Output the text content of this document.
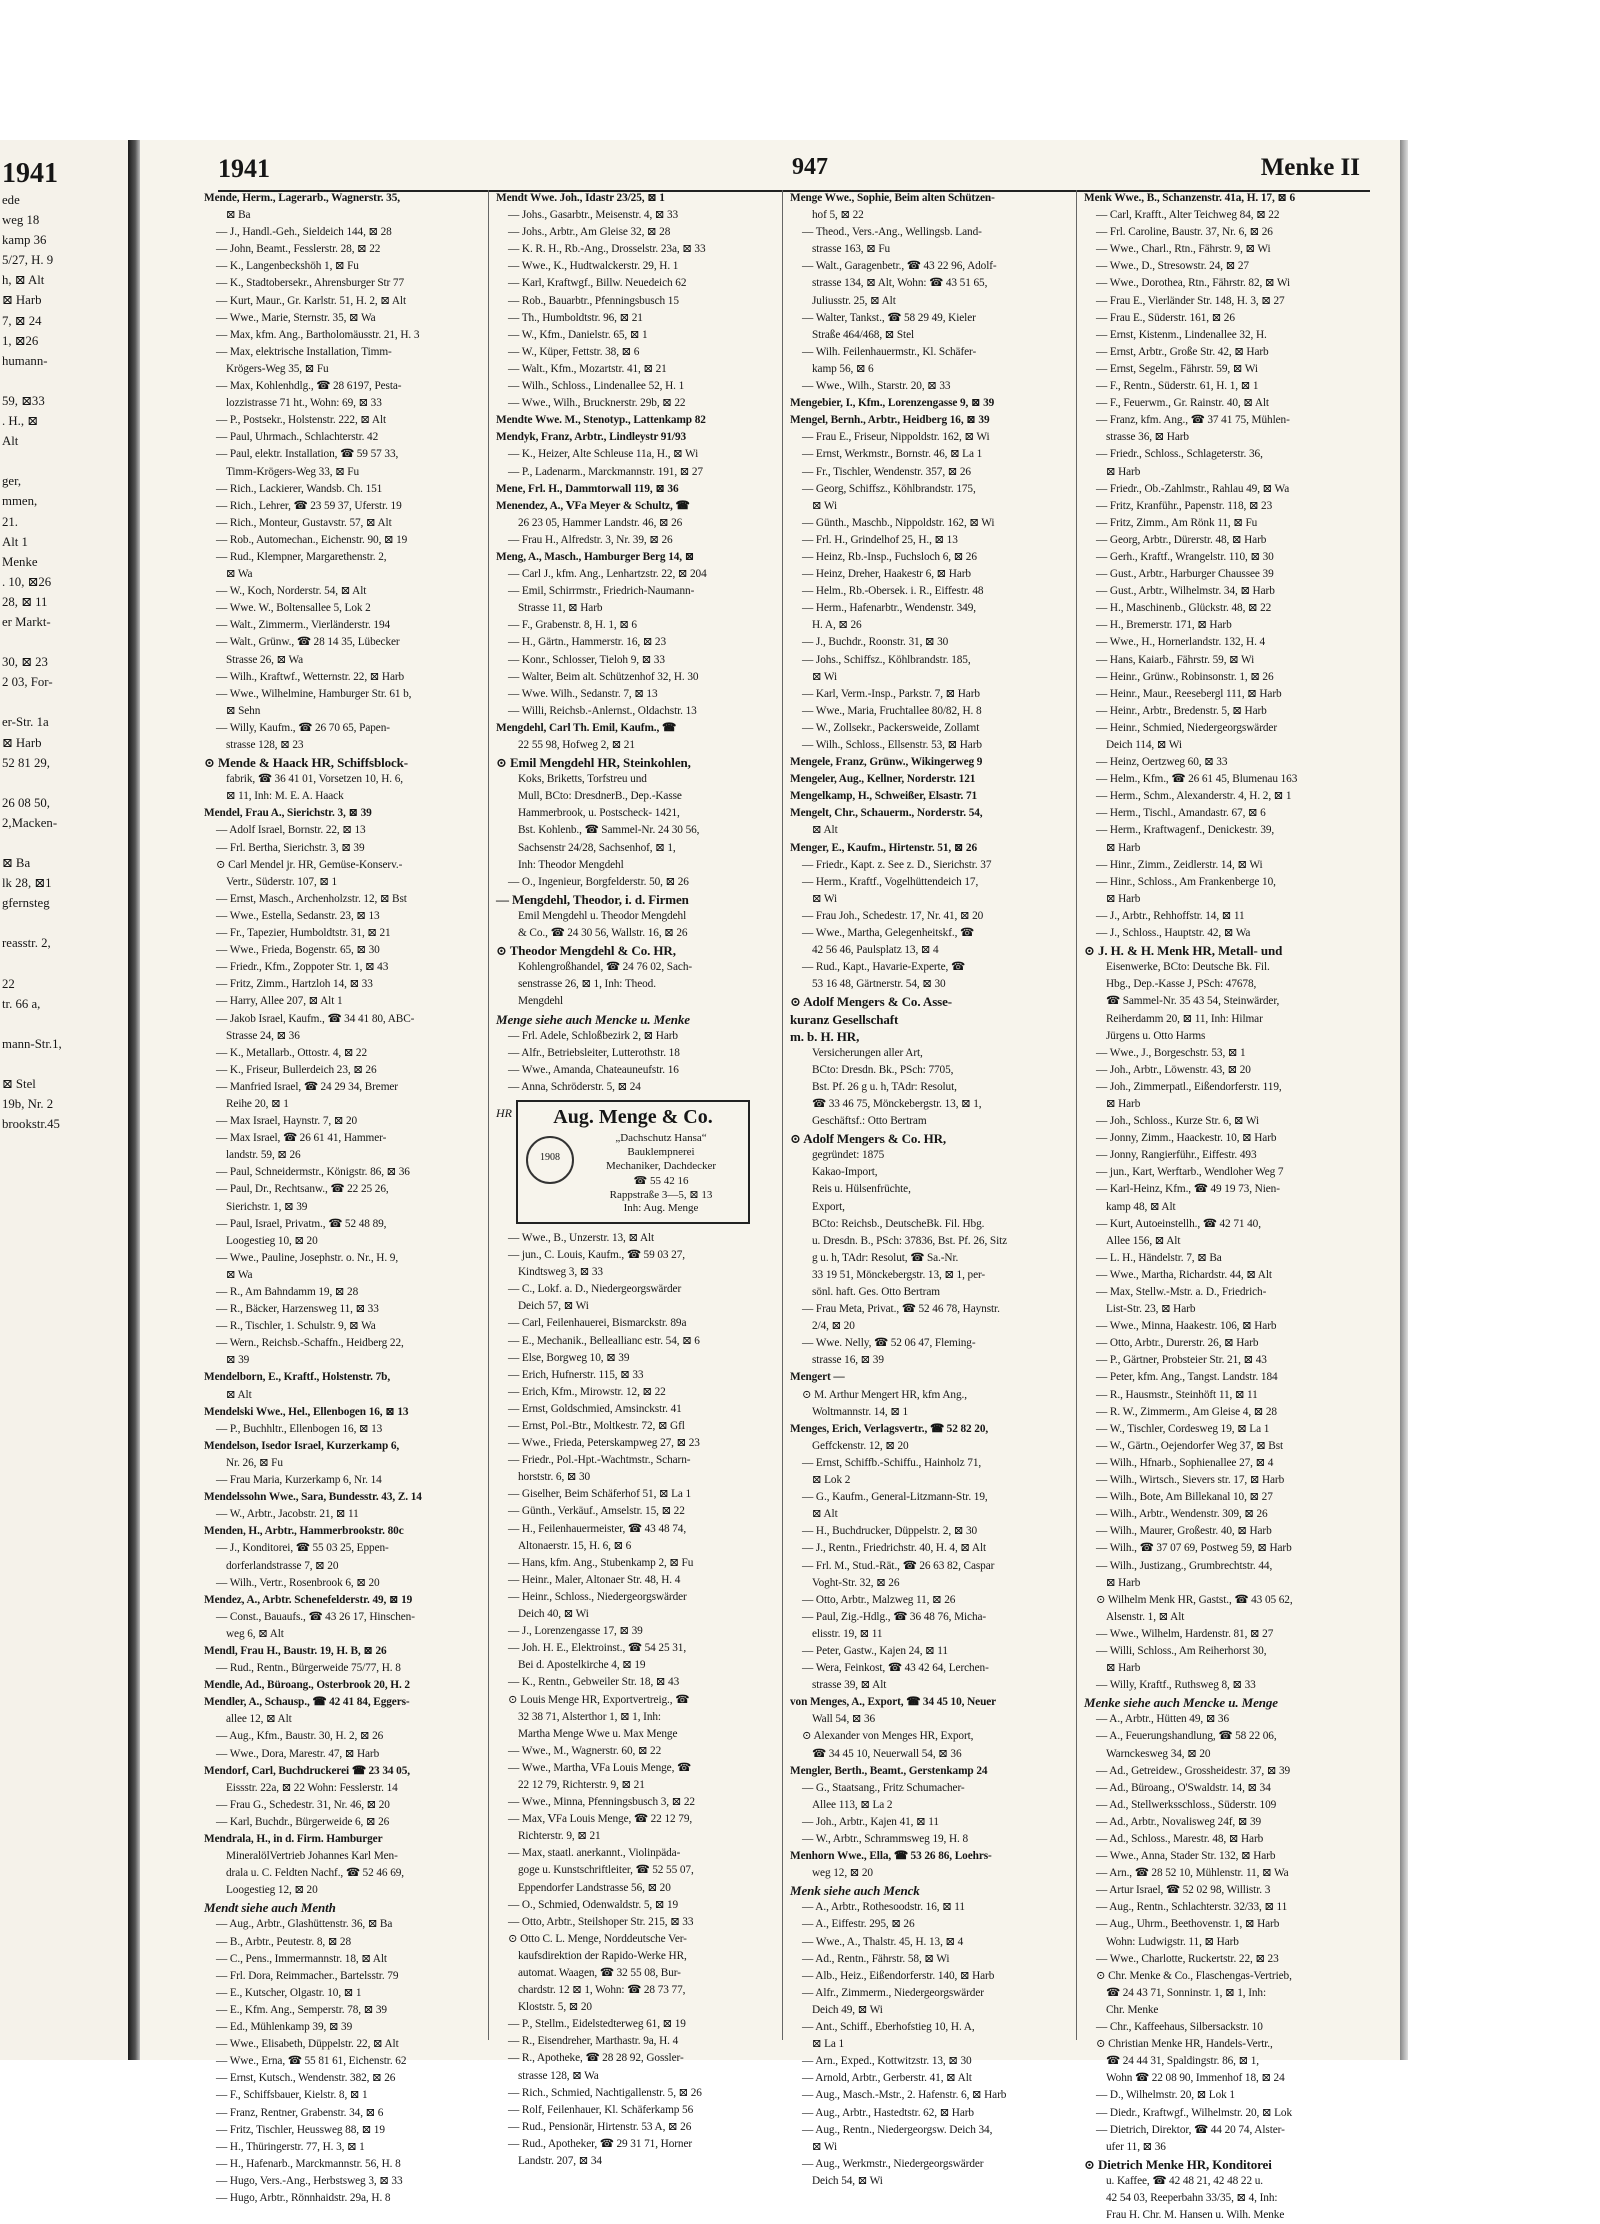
1941
ede
weg 18
kamp 36
5/27, H. 9
h, ⊠ Alt
⊠ Harb
7, ⊠ 24
1, ⊠26
humann-

59, ⊠33
. H., ⊠
Alt

ger,
mmen,
21.
Alt 1
Menke
. 10, ⊠26
28, ⊠ 11
er Markt-

30, ⊠ 23
2 03, For-

er-Str. 1a
⊠ Harb
52 81 29,

26 08 50,
2,Macken-

⊠ Ba
lk 28, ⊠1
gfernsteg

reasstr. 2,

22
tr. 66 a,

mann-Str.1,

⊠ Stel
19b, Nr. 2
brookstr.45
1941	947	Menke II
Mende, Herm., Lagerarb., Wagnerstr. 35,
⊠ Ba
— J., Handl.-Geh., Sieldeich 144, ⊠ 28
— John, Beamt., Fesslerstr. 28, ⊠ 22
— K., Langenbeckshöh 1, ⊠ Fu
— K., Stadtobersekr., Ahrensburger Str 77
— Kurt, Maur., Gr. Karlstr. 51, H. 2, ⊠ Alt
— Wwe., Marie, Sternstr. 35, ⊠ Wa
— Max, kfm. Ang., Bartholomäusstr. 21, H. 3
— Max, elektrische Installation, Timm-
Krögers-Weg 35, ⊠ Fu
— Max, Kohlenhdlg., ☎ 28 6197, Pesta-
lozzistrasse 71 ht., Wohn: 69, ⊠ 33
— P., Postsekr., Holstenstr. 222, ⊠ Alt
— Paul, Uhrmach., Schlachterstr. 42
— Paul, elektr. Installation, ☎ 59 57 33,
Timm-Krögers-Weg 33, ⊠ Fu
— Rich., Lackierer, Wandsb. Ch. 151
— Rich., Lehrer, ☎ 23 59 37, Uferstr. 19
— Rich., Monteur, Gustavstr. 57, ⊠ Alt
— Rob., Automechan., Eichenstr. 90, ⊠ 19
— Rud., Klempner, Margarethenstr. 2,
⊠ Wa
— W., Koch, Norderstr. 54, ⊠ Alt
— Wwe. W., Boltensallee 5, Lok 2
— Walt., Zimmerm., Vierländerstr. 194
— Walt., Grünw., ☎ 28 14 35, Lübecker
Strasse 26, ⊠ Wa
— Wilh., Kraftwf., Wetternstr. 22, ⊠ Harb
— Wwe., Wilhelmine, Hamburger Str. 61 b,
⊠ Sehn
— Willy, Kaufm., ☎ 26 70 65, Papen-
strasse 128, ⊠ 23
⊙ Mende & Haack HR, Schiffsblock-
fabrik, ☎ 36 41 01, Vorsetzen 10, H. 6,
⊠ 11, Inh: M. E. A. Haack
Mendel, Frau A., Sierichstr. 3, ⊠ 39
— Adolf Israel, Bornstr. 22, ⊠ 13
— Frl. Bertha, Sierichstr. 3, ⊠ 39
⊙ Carl Mendel jr. HR, Gemüse-Konserv.-
Vertr., Süderstr. 107, ⊠ 1
— Ernst, Masch., Archenholzstr. 12, ⊠ Bst
— Wwe., Estella, Sedanstr. 23, ⊠ 13
— Fr., Tapezier, Humboldtstr. 31, ⊠ 21
— Wwe., Frieda, Bogenstr. 65, ⊠ 30
— Friedr., Kfm., Zoppoter Str. 1, ⊠ 43
— Fritz, Zimm., Hartzloh 14, ⊠ 33
— Harry, Allee 207, ⊠ Alt 1
— Jakob Israel, Kaufm., ☎ 34 41 80, ABC-
Strasse 24, ⊠ 36
— K., Metallarb., Ottostr. 4, ⊠ 22
— K., Friseur, Bullerdeich 23, ⊠ 26
— Manfried Israel, ☎ 24 29 34, Bremer
Reihe 20, ⊠ 1
— Max Israel, Haynstr. 7, ⊠ 20
— Max Israel, ☎ 26 61 41, Hammer-
landstr. 59, ⊠ 26
— Paul, Schneidermstr., Königstr. 86, ⊠ 36
— Paul, Dr., Rechtsanw., ☎ 22 25 26,
Sierichstr. 1, ⊠ 39
— Paul, Israel, Privatm., ☎ 52 48 89,
Loogestieg 10, ⊠ 20
— Wwe., Pauline, Josephstr. o. Nr., H. 9,
⊠ Wa
— R., Am Bahndamm 19, ⊠ 28
— R., Bäcker, Harzensweg 11, ⊠ 33
— R., Tischler, 1. Schulstr. 9, ⊠ Wa
— Wern., Reichsb.-Schaffn., Heidberg 22,
⊠ 39
Mendelborn, E., Kraftf., Holstenstr. 7b,
⊠ Alt
Mendelski Wwe., Hel., Ellenbogen 16, ⊠ 13
— P., Buchhltr., Ellenbogen 16, ⊠ 13
Mendelson, Isedor Israel, Kurzerkamp 6,
Nr. 26, ⊠ Fu
— Frau Maria, Kurzerkamp 6, Nr. 14
Mendelssohn Wwe., Sara, Bundesstr. 43, Z. 14
— W., Arbtr., Jacobstr. 21, ⊠ 11
Menden, H., Arbtr., Hammerbrookstr. 80c
— J., Konditorei, ☎ 55 03 25, Eppen-
dorferlandstrasse 7, ⊠ 20
— Wilh., Vertr., Rosenbrook 6, ⊠ 20
Mendez, A., Arbtr. Schenefelderstr. 49, ⊠ 19
— Const., Bauaufs., ☎ 43 26 17, Hinschen-
weg 6, ⊠ Alt
Mendl, Frau H., Baustr. 19, H. B, ⊠ 26
— Rud., Rentn., Bürgerweide 75/77, H. 8
Mendle, Ad., Büroang., Osterbrook 20, H. 2
Mendler, A., Schausp., ☎ 42 41 84, Eggers-
allee 12, ⊠ Alt
— Aug., Kfm., Baustr. 30, H. 2, ⊠ 26
— Wwe., Dora, Marestr. 47, ⊠ Harb
Mendorf, Carl, Buchdruckerei ☎ 23 34 05,
Eissstr. 22a, ⊠ 22 Wohn: Fesslerstr. 14
— Frau G., Schedestr. 31, Nr. 46, ⊠ 20
— Karl, Buchdr., Bürgerweide 6, ⊠ 26
Mendrala, H., in d. Firm. Hamburger
MineralölVertrieb Johannes Karl Men-
drala u. C. Feldten Nachf., ☎ 52 46 69,
Loogestieg 12, ⊠ 20
Mendt siehe auch Menth
— Aug., Arbtr., Glashüttenstr. 36, ⊠ Ba
— B., Arbtr., Peutestr. 8, ⊠ 28
— C., Pens., Immermannstr. 18, ⊠ Alt
— Frl. Dora, Reimmacher., Bartelsstr. 79
— E., Kutscher, Olgastr. 10, ⊠ 1
— E., Kfm. Ang., Semperstr. 78, ⊠ 39
— Ed., Mühlenkamp 39, ⊠ 39
— Wwe., Elisabeth, Düppelstr. 22, ⊠ Alt
— Wwe., Erna, ☎ 55 81 61, Eichenstr. 62
— Ernst, Kutsch., Wendenstr. 382, ⊠ 26
— F., Schiffsbauer, Kielstr. 8, ⊠ 1
— Franz, Rentner, Grabenstr. 34, ⊠ 6
— Fritz, Tischler, Heussweg 88, ⊠ 19
— H., Thüringerstr. 77, H. 3, ⊠ 1
— H., Hafenarb., Marckmannstr. 56, H. 8
— Hugo, Vers.-Ang., Herbstsweg 3, ⊠ 33
— Hugo, Arbtr., Rönnhaidstr. 29a, H. 8
Mendt Wwe. Joh., Idastr 23/25, ⊠ 1
— Johs., Gasarbtr., Meisenstr. 4, ⊠ 33
— Johs., Arbtr., Am Gleise 32, ⊠ 28
— K. R. H., Rb.-Ang., Drosselstr. 23a, ⊠ 33
— Wwe., K., Hudtwalckerstr. 29, H. 1
— Karl, Kraftwgf., Billw. Neuedeich 62
— Rob., Bauarbtr., Pfenningsbusch 15
— Th., Humboldtstr. 96, ⊠ 21
— W., Kfm., Danielstr. 65, ⊠ 1
— W., Küper, Fettstr. 38, ⊠ 6
— Walt., Kfm., Mozartstr. 41, ⊠ 21
— Wilh., Schloss., Lindenallee 52, H. 1
— Wwe., Wilh., Brucknerstr. 29b, ⊠ 22
Mendte Wwe. M., Stenotyp., Lattenkamp 82
Mendyk, Franz, Arbtr., Lindleystr 91/93
— K., Heizer, Alte Schleuse 11a, H., ⊠ Wi
— P., Ladenarm., Marckmannstr. 191, ⊠ 27
Mene, Frl. H., Dammtorwall 119, ⊠ 36
Menendez, A., ⅤFa Meyer & Schultz, ☎
26 23 05, Hammer Landstr. 46, ⊠ 26
— Frau H., Alfredstr. 3, Nr. 39, ⊠ 26
Meng, A., Masch., Hamburger Berg 14, ⊠
— Carl J., kfm. Ang., Lenhartzstr. 22, ⊠ 204
— Emil, Schirrmstr., Friedrich-Naumann-
Strasse 11, ⊠ Harb
— F., Grabenstr. 8, H. 1, ⊠ 6
— H., Gärtn., Hammerstr. 16, ⊠ 23
— Konr., Schlosser, Tieloh 9, ⊠ 33
— Walter, Beim alt. Schützenhof 32, H. 30
— Wwe. Wilh., Sedanstr. 7, ⊠ 13
— Willi, Reichsb.-Anlernst., Oldachstr. 13
Mengdehl, Carl Th. Emil, Kaufm., ☎
22 55 98, Hofweg 2, ⊠ 21
⊙ Emil Mengdehl HR, Steinkohlen,
Koks, Briketts, Torfstreu und
Mull, BCto: DresdnerB., Dep.-Kasse
Hammerbrook, u. Postscheck- 1421,
Bst. Kohlenb., ☎ Sammel-Nr. 24 30 56,
Sachsenstr 24/28, Sachsenhof, ⊠ 1,
Inh: Theodor Mengdehl
— O., Ingenieur, Borgfelderstr. 50, ⊠ 26
— Mengdehl, Theodor, i. d. Firmen
Emil Mengdehl u. Theodor Mengdehl
& Co., ☎ 24 30 56, Wallstr. 16, ⊠ 26
⊙ Theodor Mengdehl & Co. HR,
Kohlengroßhandel, ☎ 24 76 02, Sach-
senstrasse 26, ⊠ 1, Inh: Theod.
Mengdehl
Menge siehe auch Mencke u. Menke
— Frl. Adele, Schloßbezirk 2, ⊠ Harb
— Alfr., Betriebsleiter, Lutterothstr. 18
— Wwe., Amanda, Chateauneufstr. 16
— Anna, Schröderstr. 5, ⊠ 24
HR	Aug. Menge & Co.
1908
„Dachschutz Hansa“
Bauklempnerei
Mechaniker, Dachdecker
☎ 55 42 16
Rappstraße 3—5, ⊠ 13
Inh: Aug. Menge
— Wwe., B., Unzerstr. 13, ⊠ Alt
— jun., C. Louis, Kaufm., ☎ 59 03 27,
Kindtsweg 3, ⊠ 33
— C., Lokf. a. D., Niedergeorgswärder
Deich 57, ⊠ Wi
— Carl, Feilenhauerei, Bismarckstr. 89a
— E., Mechanik., Belleallianc estr. 54, ⊠ 6
— Else, Borgweg 10, ⊠ 39
— Erich, Hufnerstr. 115, ⊠ 33
— Erich, Kfm., Mirowstr. 12, ⊠ 22
— Ernst, Goldschmied, Amsinckstr. 41
— Ernst, Pol.-Btr., Moltkestr. 72, ⊠ Gfl
— Wwe., Frieda, Peterskampweg 27, ⊠ 23
— Friedr., Pol.-Hpt.-Wachtmstr., Scharn-
horststr. 6, ⊠ 30
— Giselher, Beim Schäferhof 51, ⊠ La 1
— Günth., Verkäuf., Amselstr. 15, ⊠ 22
— H., Feilenhauermeister, ☎ 43 48 74,
Altonaerstr. 15, H. 6, ⊠ 6
— Hans, kfm. Ang., Stubenkamp 2, ⊠ Fu
— Heinr., Maler, Altonaer Str. 48, H. 4
— Heinr., Schloss., Niedergeorgswärder
Deich 40, ⊠ Wi
— J., Lorenzengasse 17, ⊠ 39
— Joh. H. E., Elektroinst., ☎ 54 25 31,
Bei d. Apostelkirche 4, ⊠ 19
— K., Rentn., Gebweiler Str. 18, ⊠ 43
⊙ Louis Menge HR, Exportvertreig., ☎
32 38 71, Alsterthor 1, ⊠ 1, Inh:
Martha Menge Wwe u. Max Menge
— Wwe., M., Wagnerstr. 60, ⊠ 22
— Wwe., Martha, ⅤFa Louis Menge, ☎
22 12 79, Richterstr. 9, ⊠ 21
— Wwe., Minna, Pfenningsbusch 3, ⊠ 22
— Max, ⅤFa Louis Menge, ☎ 22 12 79,
Richterstr. 9, ⊠ 21
— Max, staatl. anerkannt., Violinpäda-
goge u. Kunstschriftleiter, ☎ 52 55 07,
Eppendorfer Landstrasse 56, ⊠ 20
— O., Schmied, Odenwaldstr. 5, ⊠ 19
— Otto, Arbtr., Steilshoper Str. 215, ⊠ 33
⊙ Otto C. L. Menge, Norddeutsche Ver-
kaufsdirektion der Rapido-Werke HR,
automat. Waagen, ☎ 32 55 08, Bur-
chardstr. 12 ⊠ 1, Wohn: ☎ 28 73 77,
Kloststr. 5, ⊠ 20
— P., Stellm., Eidelstedterweg 61, ⊠ 19
— R., Eisendreher, Marthastr. 9a, H. 4
— R., Apotheke, ☎ 28 28 92, Gossler-
strasse 128, ⊠ Wa
— Rich., Schmied, Nachtigallenstr. 5, ⊠ 26
— Rolf, Feilenhauer, Kl. Schäferkamp 56
— Rud., Pensionär, Hirtenstr. 53 A, ⊠ 26
— Rud., Apotheker, ☎ 29 31 71, Horner
Landstr. 207, ⊠ 34
Menge Wwe., Sophie, Beim alten Schützen-
hof 5, ⊠ 22
— Theod., Vers.-Ang., Wellingsb. Land-
strasse 163, ⊠ Fu
— Walt., Garagenbetr., ☎ 43 22 96, Adolf-
strasse 134, ⊠ Alt, Wohn: ☎ 43 51 65,
Juliusstr. 25, ⊠ Alt
— Walter, Tankst., ☎ 58 29 49, Kieler
Straße 464/468, ⊠ Stel
— Wilh. Feilenhauermstr., Kl. Schäfer-
kamp 56, ⊠ 6
— Wwe., Wilh., Starstr. 20, ⊠ 33
Mengebier, I., Kfm., Lorenzengasse 9, ⊠ 39
Mengel, Bernh., Arbtr., Heidberg 16, ⊠ 39
— Frau E., Friseur, Nippoldstr. 162, ⊠ Wi
— Ernst, Werkmstr., Bornstr. 46, ⊠ La 1
— Fr., Tischler, Wendenstr. 357, ⊠ 26
— Georg, Schiffsz., Köhlbrandstr. 175,
⊠ Wi
— Günth., Maschb., Nippoldstr. 162, ⊠ Wi
— Frl. H., Grindelhof 25, H., ⊠ 13
— Heinz, Rb.-Insp., Fuchsloch 6, ⊠ 26
— Heinz, Dreher, Haakestr 6, ⊠ Harb
— Helm., Rb.-Obersek. i. R., Eiffestr. 48
— Herm., Hafenarbtr., Wendenstr. 349,
H. A, ⊠ 26
— J., Buchdr., Roonstr. 31, ⊠ 30
— Johs., Schiffsz., Köhlbrandstr. 185,
⊠ Wi
— Karl, Verm.-Insp., Parkstr. 7, ⊠ Harb
— Wwe., Maria, Fruchtallee 80/82, H. 8
— W., Zollsekr., Packersweide, Zollamt
— Wilh., Schloss., Ellsenstr. 53, ⊠ Harb
Mengele, Franz, Grünw., Wikingerweg 9
Mengeler, Aug., Kellner, Norderstr. 121
Mengelkamp, H., Schweißer, Elsastr. 71
Mengelt, Chr., Schauerm., Norderstr. 54,
⊠ Alt
Menger, E., Kaufm., Hirtenstr. 51, ⊠ 26
— Friedr., Kapt. z. See z. D., Sierichstr. 37
— Herm., Kraftf., Vogelhüttendeich 17,
⊠ Wi
— Frau Joh., Schedestr. 17, Nr. 41, ⊠ 20
— Wwe., Martha, Gelegenheitskf., ☎
42 56 46, Paulsplatz 13, ⊠ 4
— Rud., Kapt., Havarie-Experte, ☎
53 16 48, Gärtnerstr. 54, ⊠ 30
⊙ Adolf Mengers & Co. Asse-
kuranz Gesellschaft
m. b. H. HR,
Versicherungen aller Art,
BCto: Dresdn. Bk., PSch: 7705,
Bst. Pf. 26 g u. h, TAdr: Resolut,
☎ 33 46 75, Mönckebergstr. 13, ⊠ 1,
Geschäftsf.: Otto Bertram
⊙ Adolf Mengers & Co. HR,
gegründet: 1875
Kakao-Import,
Reis u. Hülsenfrüchte,
Export,
BCto: Reichsb., DeutscheBk. Fil. Hbg.
u. Dresdn. B., PSch: 37836, Bst. Pf. 26, Sitz
g u. h, TAdr: Resolut, ☎ Sa.-Nr.
33 19 51, Mönckebergstr. 13, ⊠ 1, per-
sönl. haft. Ges. Otto Bertram
— Frau Meta, Privat., ☎ 52 46 78, Haynstr.
2/4, ⊠ 20
— Wwe. Nelly, ☎ 52 06 47, Fleming-
strasse 16, ⊠ 39
Mengert —
⊙ M. Arthur Mengert HR, kfm Ang.,
Woltmannstr. 14, ⊠ 1
Menges, Erich, Verlagsvertr., ☎ 52 82 20,
Geffckenstr. 12, ⊠ 20
— Ernst, Schiffb.-Schiffu., Hainholz 71,
⊠ Lok 2
— G., Kaufm., General-Litzmann-Str. 19,
⊠ Alt
— H., Buchdrucker, Düppelstr. 2, ⊠ 30
— J., Rentn., Friedrichstr. 40, H. 4, ⊠ Alt
— Frl. M., Stud.-Rät., ☎ 26 63 82, Caspar
Voght-Str. 32, ⊠ 26
— Otto, Arbtr., Malzweg 11, ⊠ 26
— Paul, Zig.-Hdlg., ☎ 36 48 76, Micha-
elisstr. 19, ⊠ 11
— Peter, Gastw., Kajen 24, ⊠ 11
— Wera, Feinkost, ☎ 43 42 64, Lerchen-
strasse 39, ⊠ Alt
von Menges, A., Export, ☎ 34 45 10, Neuer
Wall 54, ⊠ 36
⊙ Alexander von Menges HR, Export,
☎ 34 45 10, Neuerwall 54, ⊠ 36
Mengler, Berth., Beamt., Gerstenkamp 24
— G., Staatsang., Fritz Schumacher-
Allee 113, ⊠ La 2
— Joh., Arbtr., Kajen 41, ⊠ 11
— W., Arbtr., Schrammsweg 19, H. 8
Menhorn Wwe., Ella, ☎ 53 26 86, Loehrs-
weg 12, ⊠ 20
Menk siehe auch Menck
— A., Arbtr., Rothesoodstr. 16, ⊠ 11
— A., Eiffestr. 295, ⊠ 26
— Wwe., A., Thalstr. 45, H. 13, ⊠ 4
— Ad., Rentn., Fährstr. 58, ⊠ Wi
— Alb., Heiz., Eißendorferstr. 140, ⊠ Harb
— Alfr., Zimmerm., Niedergeorgswärder
Deich 49, ⊠ Wi
— Ant., Schiff., Eberhofstieg 10, H. A,
⊠ La 1
— Arn., Exped., Kottwitzstr. 13, ⊠ 30
— Arnold, Arbtr., Gerberstr. 41, ⊠ Alt
— Aug., Masch.-Mstr., 2. Hafenstr. 6, ⊠ Harb
— Aug., Arbtr., Hastedtstr. 62, ⊠ Harb
— Aug., Rentn., Niedergeorgsw. Deich 34,
⊠ Wi
— Aug., Werkmstr., Niedergeorgswärder
Deich 54, ⊠ Wi
Menk Wwe., B., Schanzenstr. 41a, H. 17, ⊠ 6
— Carl, Krafft., Alter Teichweg 84, ⊠ 22
— Frl. Caroline, Baustr. 37, Nr. 6, ⊠ 26
— Wwe., Charl., Rtn., Fährstr. 9, ⊠ Wi
— Wwe., D., Stresowstr. 24, ⊠ 27
— Wwe., Dorothea, Rtn., Fährstr. 82, ⊠ Wi
— Frau E., Vierländer Str. 148, H. 3, ⊠ 27
— Frau E., Süderstr. 161, ⊠ 26
— Ernst, Kistenm., Lindenallee 32, H.
— Ernst, Arbtr., Große Str. 42, ⊠ Harb
— Ernst, Segelm., Fährstr. 59, ⊠ Wi
— F., Rentn., Süderstr. 61, H. 1, ⊠ 1
— F., Feuerwm., Gr. Rainstr. 40, ⊠ Alt
— Franz, kfm. Ang., ☎ 37 41 75, Mühlen-
strasse 36, ⊠ Harb
— Friedr., Schloss., Schlageterstr. 36,
⊠ Harb
— Friedr., Ob.-Zahlmstr., Rahlau 49, ⊠ Wa
— Fritz, Kranführ., Papenstr. 118, ⊠ 23
— Fritz, Zimm., Am Rönk 11, ⊠ Fu
— Georg, Arbtr., Dürerstr. 48, ⊠ Harb
— Gerh., Kraftf., Wrangelstr. 110, ⊠ 30
— Gust., Arbtr., Harburger Chaussee 39
— Gust., Arbtr., Wilhelmstr. 34, ⊠ Harb
— H., Maschinenb., Glückstr. 48, ⊠ 22
— H., Bremerstr. 171, ⊠ Harb
— Wwe., H., Hornerlandstr. 132, H. 4
— Hans, Kaiarb., Fährstr. 59, ⊠ Wi
— Heinr., Grünw., Robinsonstr. 1, ⊠ 26
— Heinr., Maur., Reesebergl 111, ⊠ Harb
— Heinr., Arbtr., Bredenstr. 5, ⊠ Harb
— Heinr., Schmied, Niedergeorgswärder
Deich 114, ⊠ Wi
— Heinz, Oertzweg 60, ⊠ 33
— Helm., Kfm., ☎ 26 61 45, Blumenau 163
— Herm., Schm., Alexanderstr. 4, H. 2, ⊠ 1
— Herm., Tischl., Amandastr. 67, ⊠ 6
— Herm., Kraftwagenf., Denickestr. 39,
⊠ Harb
— Hinr., Zimm., Zeidlerstr. 14, ⊠ Wi
— Hinr., Schloss., Am Frankenberge 10,
⊠ Harb
— J., Arbtr., Rehhoffstr. 14, ⊠ 11
— J., Schloss., Hauptstr. 42, ⊠ Wa
⊙ J. H. & H. Menk HR, Metall- und
Eisenwerke, BCto: Deutsche Bk. Fil.
Hbg., Dep.-Kasse J, PSch: 47678,
☎ Sammel-Nr. 35 43 54, Steinwärder,
Reiherdamm 20, ⊠ 11, Inh: Hilmar
Jürgens u. Otto Harms
— Wwe., J., Borgeschstr. 53, ⊠ 1
— Joh., Arbtr., Löwenstr. 43, ⊠ 20
— Joh., Zimmerpatl., Eißendorferstr. 119,
⊠ Harb
— Joh., Schloss., Kurze Str. 6, ⊠ Wi
— Jonny, Zimm., Haackestr. 10, ⊠ Harb
— Jonny, Rangierführ., Eiffestr. 493
— jun., Kart, Werftarb., Wendloher Weg 7
— Karl-Heinz, Kfm., ☎ 49 19 73, Nien-
kamp 48, ⊠ Alt
— Kurt, Autoeinstellh., ☎ 42 71 40,
Allee 156, ⊠ Alt
— L. H., Händelstr. 7, ⊠ Ba
— Wwe., Martha, Richardstr. 44, ⊠ Alt
— Max, Stellw.-Mstr. a. D., Friedrich-
List-Str. 23, ⊠ Harb
— Wwe., Minna, Haakestr. 106, ⊠ Harb
— Otto, Arbtr., Durerstr. 26, ⊠ Harb
— P., Gärtner, Probsteier Str. 21, ⊠ 43
— Peter, kfm. Ang., Tangst. Landstr. 184
— R., Hausmstr., Steinhöft 11, ⊠ 11
— R. W., Zimmerm., Am Gleise 4, ⊠ 28
— W., Tischler, Cordesweg 19, ⊠ La 1
— W., Gärtn., Oejendorfer Weg 37, ⊠ Bst
— Wilh., Hfnarb., Sophienallee 27, ⊠ 4
— Wilh., Wirtsch., Sievers str. 17, ⊠ Harb
— Wilh., Bote, Am Billekanal 10, ⊠ 27
— Wilh., Arbtr., Wendenstr. 309, ⊠ 26
— Wilh., Maurer, Großestr. 40, ⊠ Harb
— Wilh., ☎ 37 07 69, Postweg 59, ⊠ Harb
— Wilh., Justizang., Grumbrechtstr. 44,
⊠ Harb
⊙ Wilhelm Menk HR, Gastst., ☎ 43 05 62,
Alsenstr. 1, ⊠ Alt
— Wwe., Wilhelm, Hardenstr. 81, ⊠ 27
— Willi, Schloss., Am Reiherhorst 30,
⊠ Harb
— Willy, Kraftf., Ruthsweg 8, ⊠ 33
Menke siehe auch Mencke u. Menge
— A., Arbtr., Hütten 49, ⊠ 36
— A., Feuerungshandlung, ☎ 58 22 06,
Warnckesweg 34, ⊠ 20
— Ad., Getreidew., Grossheidestr. 37, ⊠ 39
— Ad., Büroang., O'Swaldstr. 14, ⊠ 34
— Ad., Stellwerksschloss., Süderstr. 109
— Ad., Arbtr., Novalisweg 24f, ⊠ 39
— Ad., Schloss., Marestr. 48, ⊠ Harb
— Wwe., Anna, Stader Str. 132, ⊠ Harb
— Arn., ☎ 28 52 10, Mühlenstr. 11, ⊠ Wa
— Artur Israel, ☎ 52 02 98, Willistr. 3
— Aug., Rentn., Schlachterstr. 32/33, ⊠ 11
— Aug., Uhrm., Beethovenstr. 1, ⊠ Harb
Wohn: Ludwigstr. 11, ⊠ Harb
— Wwe., Charlotte, Ruckertstr. 22, ⊠ 23
⊙ Chr. Menke & Co., Flaschengas-Vertrieb,
☎ 24 43 71, Sonninstr. 1, ⊠ 1, Inh:
Chr. Menke
— Chr., Kaffeehaus, Silbersackstr. 10
⊙ Christian Menke HR, Handels-Vertr.,
☎ 24 44 31, Spaldingstr. 86, ⊠ 1,
Wohn ☎ 22 08 90, Immenhof 18, ⊠ 24
— D., Wilhelmstr. 20, ⊠ Lok 1
— Diedr., Kraftwgf., Wilhelmstr. 20, ⊠ Lok
— Dietrich, Direktor, ☎ 44 20 74, Alster-
ufer 11, ⊠ 36
⊙ Dietrich Menke HR, Konditorei
u. Kaffee, ☎ 42 48 21, 42 48 22 u.
42 54 03, Reeperbahn 33/35, ⊠ 4, Inh:
Frau H. Chr. M. Hansen u. Wilh. Menke
